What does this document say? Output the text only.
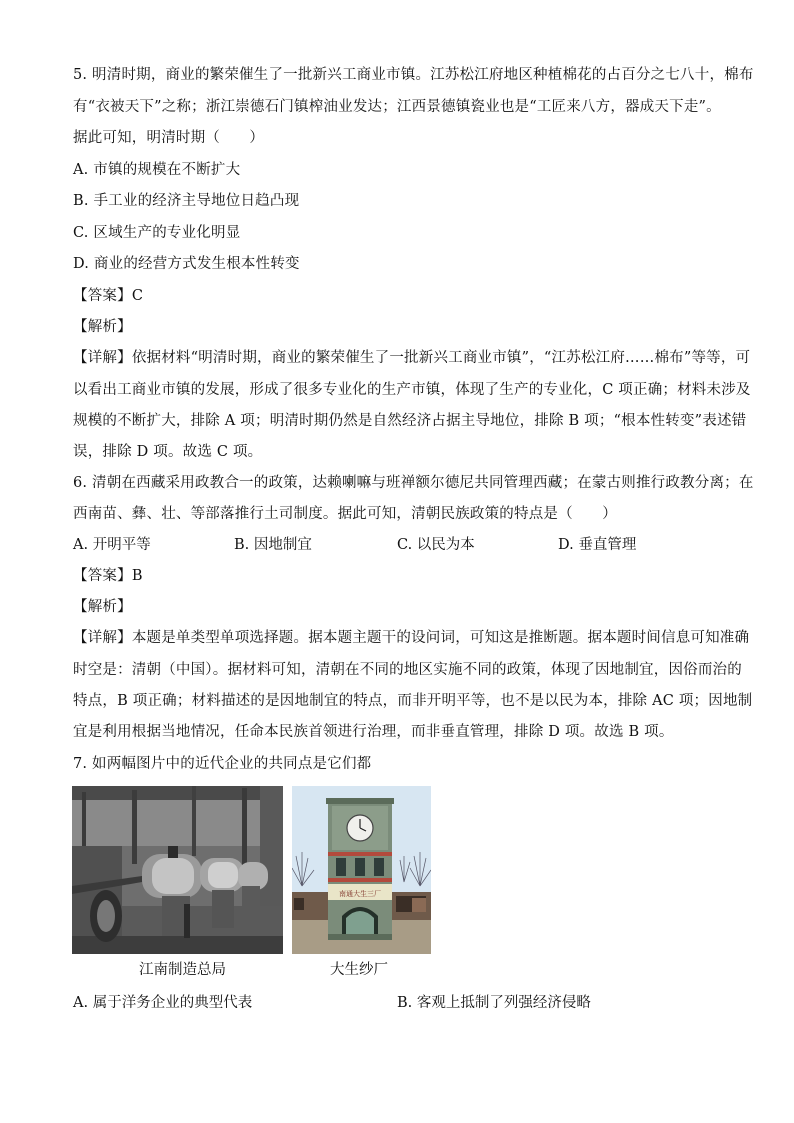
5. 明清时期，商业的繁荣催生了一批新兴工商业市镇。江苏松江府地区种植棉花的占百分之七八十，棉布
有“衣被天下”之称；浙江崇德石门镇榨油业发达；江西景德镇瓷业也是“工匠来八方，器成天下走”。
据此可知，明清时期（　　）
A. 市镇的规模在不断扩大
B. 手工业的经济主导地位日趋凸现
C. 区域生产的专业化明显
D. 商业的经营方式发生根本性转变
【答案】C
【解析】
【详解】依据材料“明清时期，商业的繁荣催生了一批新兴工商业市镇”，“江苏松江府……棉布”等等，可
以看出工商业市镇的发展，形成了很多专业化的生产市镇，体现了生产的专业化，C 项正确；材料未涉及
规模的不断扩大，排除 A 项；明清时期仍然是自然经济占据主导地位，排除 B 项；“根本性转变”表述错
误，排除 D 项。故选 C 项。
6. 清朝在西藏采用政教合一的政策，达赖喇嘛与班禅额尔德尼共同管理西藏；在蒙古则推行政教分离；在
西南苗、彝、壮、等部落推行土司制度。据此可知，清朝民族政策的特点是（　　）
A. 开明平等	B. 因地制宜	C. 以民为本	D. 垂直管理
【答案】B
【解析】
【详解】本题是单类型单项选择题。据本题主题干的设问词，可知这是推断题。据本题时间信息可知准确
时空是：清朝（中国）。据材料可知，清朝在不同的地区实施不同的政策，体现了因地制宜，因俗而治的
特点，B 项正确；材料描述的是因地制宜的特点，而非开明平等，也不是以民为本，排除 AC 项；因地制
宜是利用根据当地情况，任命本民族首领进行治理，而非垂直管理，排除 D 项。故选 B 项。
7. 如两幅图片中的近代企业的共同点是它们都
江南制造总局
南通大生三厂
大生纱厂
A. 属于洋务企业的典型代表	B. 客观上抵制了列强经济侵略
